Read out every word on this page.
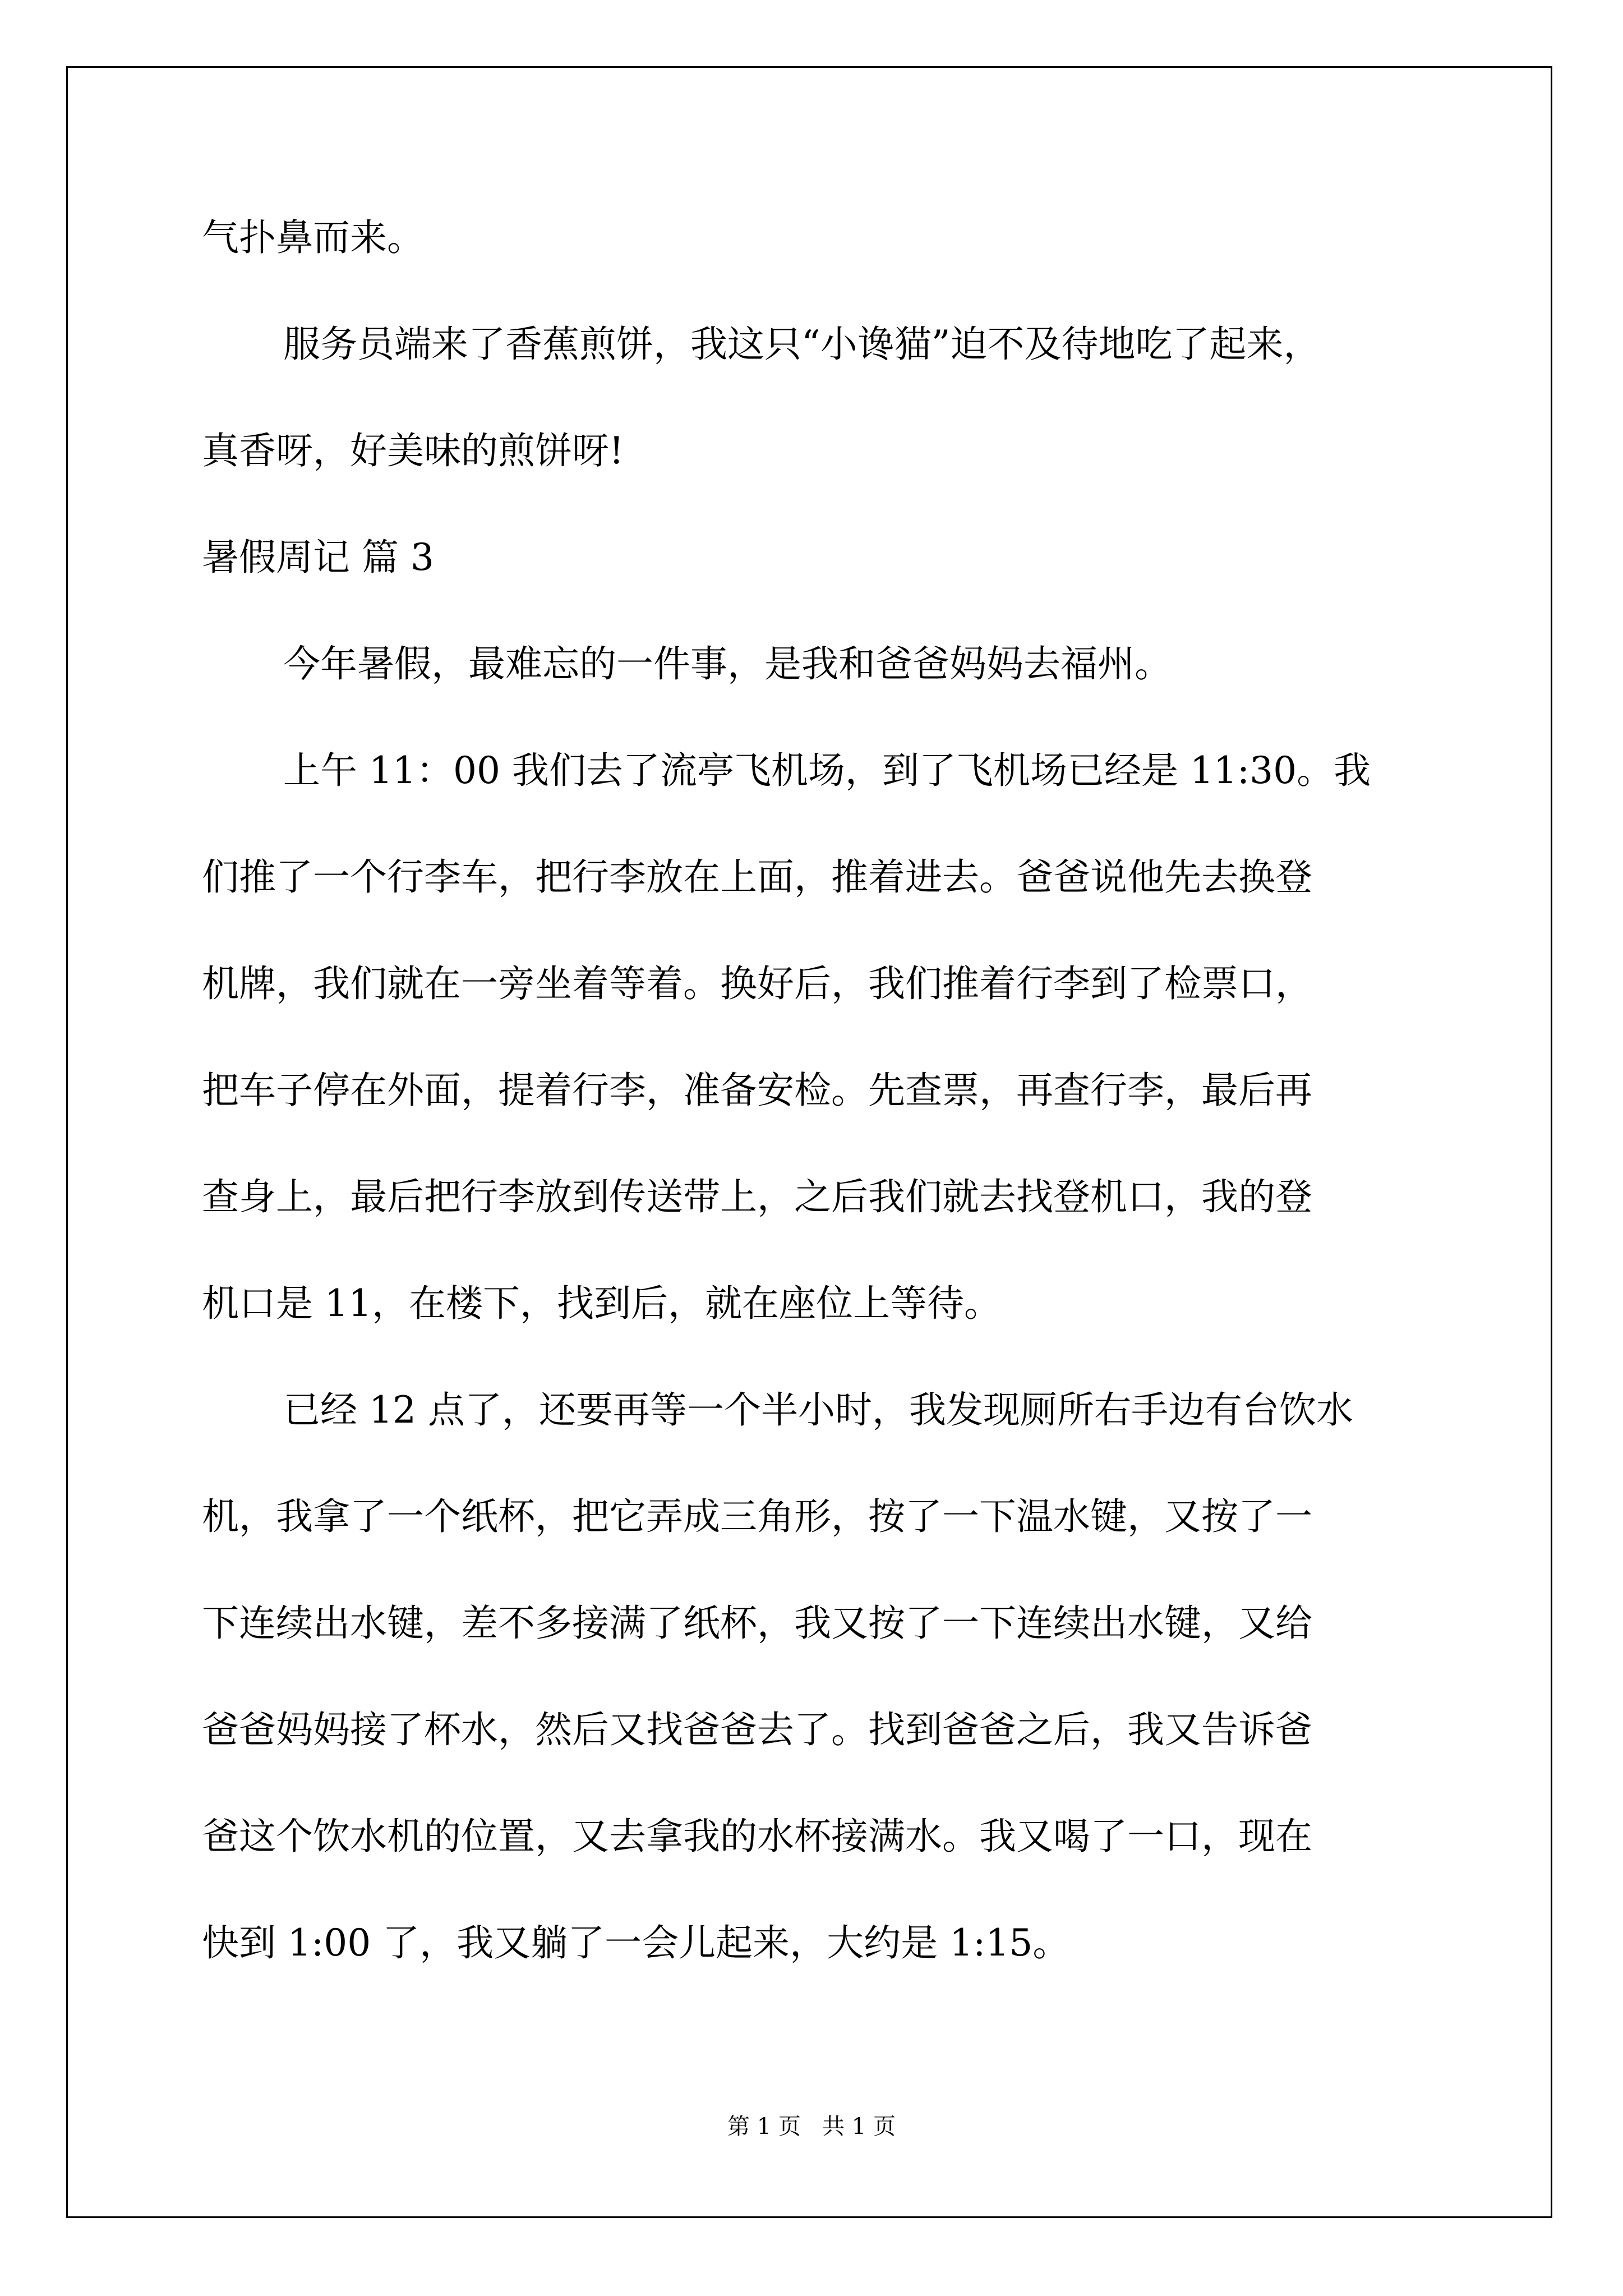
气扑鼻而来。

服务员端来了香蕉煎饼，我这只“小谗猫”迫不及待地吃了起来，

真香呀，好美味的煎饼呀!

暑假周记 篇 3

今年暑假，最难忘的一件事，是我和爸爸妈妈去福州。

上午 11：00 我们去了流亭飞机场，到了飞机场已经是 11:30。我

们推了一个行李车，把行李放在上面，推着进去。爸爸说他先去换登

机牌，我们就在一旁坐着等着。换好后，我们推着行李到了检票口，

把车子停在外面，提着行李，准备安检。先查票，再查行李，最后再

查身上，最后把行李放到传送带上，之后我们就去找登机口，我的登

机口是 11，在楼下，找到后，就在座位上等待。

已经 12 点了，还要再等一个半小时，我发现厕所右手边有台饮水

机，我拿了一个纸杯，把它弄成三角形，按了一下温水键，又按了一

下连续出水键，差不多接满了纸杯，我又按了一下连续出水键，又给

爸爸妈妈接了杯水，然后又找爸爸去了。找到爸爸之后，我又告诉爸

爸这个饮水机的位置，又去拿我的水杯接满水。我又喝了一口，现在

快到 1:00 了，我又躺了一会儿起来，大约是 1:15。

第 1 页   共 1 页
